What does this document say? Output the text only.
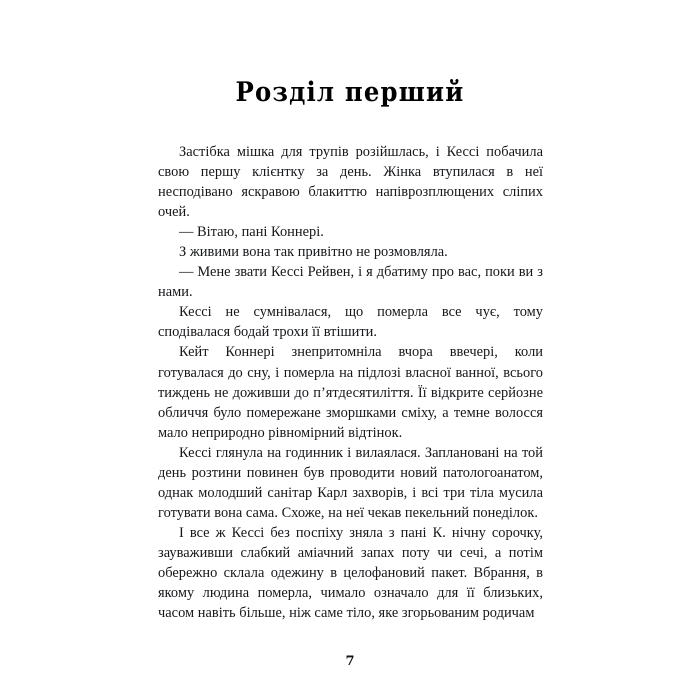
Розділ перший

Застібка мішка для трупів розійшлась, і Кессі побачила свою першу клієнтку за день. Жінка втупилася в неї несподівано яскравою блакиттю напіврозплющених сліпих очей.

— Вітаю, пані Коннері.

З живими вона так привітно не розмовляла.

— Мене звати Кессі Рейвен, і я дбатиму про вас, поки ви з нами.

Кессі не сумнівалася, що померла все чує, тому сподівалася бодай трохи її втішити.

Кейт Коннері знепритомніла вчора ввечері, коли готувалася до сну, і померла на підлозі власної ванної, всього тиждень не доживши до п’ятдесятиліття. Її відкрите серйозне обличчя було помережане зморшками сміху, а темне волосся мало неприродно рівномірний відтінок.

Кессі глянула на годинник і вилаялася. Заплановані на той день розтини повинен був проводити новий патологоанатом, однак молодший санітар Карл захворів, і всі три тіла мусила готувати вона сама. Схоже, на неї чекав пекельний понеділок.

І все ж Кессі без поспіху зняла з пані К. нічну сорочку, зауваживши слабкий аміачний запах поту чи сечі, а потім обережно склала одежину в целофановий пакет. Вбрання, в якому людина померла, чимало означало для її близьких, часом навіть більше, ніж саме тіло, яке згорьованим родичам

7
